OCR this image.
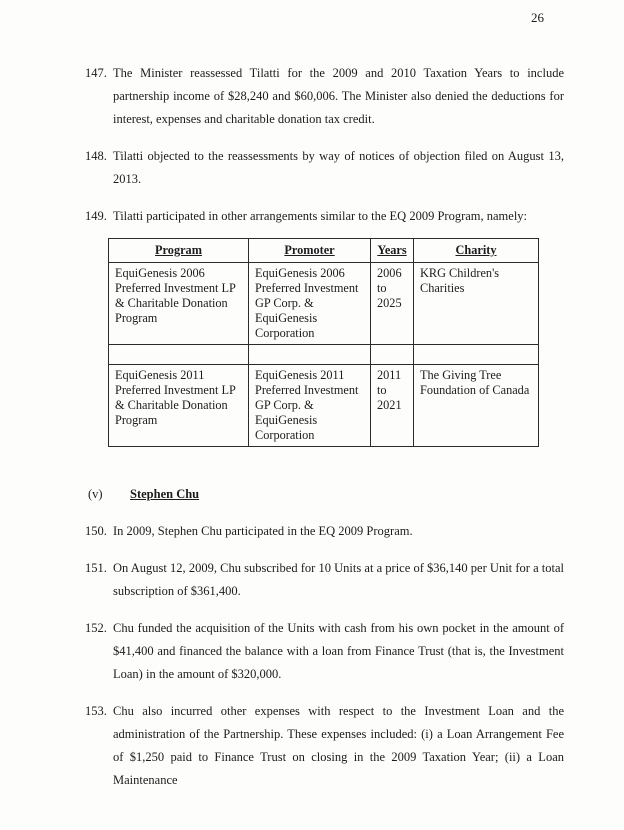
26
147. The Minister reassessed Tilatti for the 2009 and 2010 Taxation Years to include partnership income of $28,240 and $60,006. The Minister also denied the deductions for interest, expenses and charitable donation tax credit.
148. Tilatti objected to the reassessments by way of notices of objection filed on August 13, 2013.
149. Tilatti participated in other arrangements similar to the EQ 2009 Program, namely:
Program	Promoter	Years	Charity
EquiGenesis 2006 Preferred Investment LP & Charitable Donation Program	EquiGenesis 2006 Preferred Investment GP Corp. & EquiGenesis Corporation	2006 to 2025	KRG Children's Charities

EquiGenesis 2011 Preferred Investment LP & Charitable Donation Program	EquiGenesis 2011 Preferred Investment GP Corp. & EquiGenesis Corporation	2011 to 2021	The Giving Tree Foundation of Canada
(v)	Stephen Chu
150. In 2009, Stephen Chu participated in the EQ 2009 Program.
151. On August 12, 2009, Chu subscribed for 10 Units at a price of $36,140 per Unit for a total subscription of $361,400.
152. Chu funded the acquisition of the Units with cash from his own pocket in the amount of $41,400 and financed the balance with a loan from Finance Trust (that is, the Investment Loan) in the amount of $320,000.
153. Chu also incurred other expenses with respect to the Investment Loan and the administration of the Partnership. These expenses included: (i) a Loan Arrangement Fee of $1,250 paid to Finance Trust on closing in the 2009 Taxation Year; (ii) a Loan Maintenance
